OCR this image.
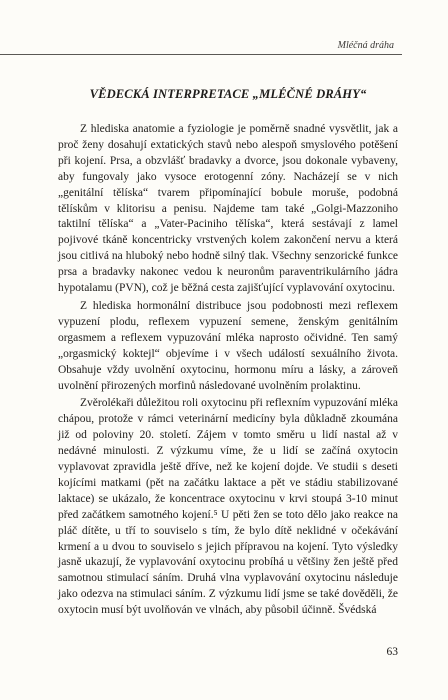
Mléčná dráha
VĚDECKÁ INTERPRETACE „MLÉČNÉ DRÁHY“

Z hlediska anatomie a fyziologie je poměrně snadné vysvětlit, jak a proč ženy dosahují extatických stavů nebo alespoň smyslového potěšení při kojení. Prsa, a obzvlášť bradavky a dvorce, jsou dokonale vybaveny, aby fungovaly jako vysoce erotogenní zóny. Nacházejí se v nich „genitální tělíska“ tvarem připomínající bobule moruše, podobná tělískům v klitorisu a penisu. Najdeme tam také „Golgi-Mazzoniho taktilní tělíska“ a „Vater-Paciniho tělíska“, která sestávají z lamel pojivové tkáně koncentricky vrstvených kolem zakončení nervu a která jsou citlivá na hluboký nebo hodně silný tlak. Všechny senzorické funkce prsa a bradavky nakonec vedou k neuronům paraventrikulárního jádra hypotalamu (PVN), což je běžná cesta zajišťující vyplavování oxytocinu.

Z hlediska hormonální distribuce jsou podobnosti mezi reflexem vypuzení plodu, reflexem vypuzení semene, ženským genitálním orgasmem a reflexem vypuzování mléka naprosto očividné. Ten samý „orgasmický koktejl“ objevíme i v všech událostí sexuálního života. Obsahuje vždy uvolnění oxytocinu, hormonu míru a lásky, a zároveň uvolnění přirozených morfinů následované uvolněním prolaktinu.

Zvěrolékaři důležitou roli oxytocinu při reflexním vypuzování mléka chápou, protože v rámci veterinární medicíny byla důkladně zkoumána již od poloviny 20. století. Zájem v tomto směru u lidí nastal až v nedávné minulosti. Z výzkumu víme, že u lidí se začíná oxytocin vyplavovat zpravidla ještě dříve, než ke kojení dojde. Ve studii s deseti kojícími matkami (pět na začátku laktace a pět ve stádiu stabilizované laktace) se ukázalo, že koncentrace oxytocinu v krvi stoupá 3-10 minut před začátkem samotného kojení.⁵ U pěti žen se toto dělo jako reakce na pláč dítěte, u tří to souviselo s tím, že bylo dítě neklidné v očekávání krmení a u dvou to souviselo s jejich přípravou na kojení. Tyto výsledky jasně ukazují, že vyplavování oxytocinu probíhá u většiny žen ještě před samotnou stimulací sáním. Druhá vlna vyplavování oxytocinu následuje jako odezva na stimulaci sáním. Z výzkumu lidí jsme se také dověděli, že oxytocin musí být uvolňován ve vlnách, aby působil účinně. Švédská

63
